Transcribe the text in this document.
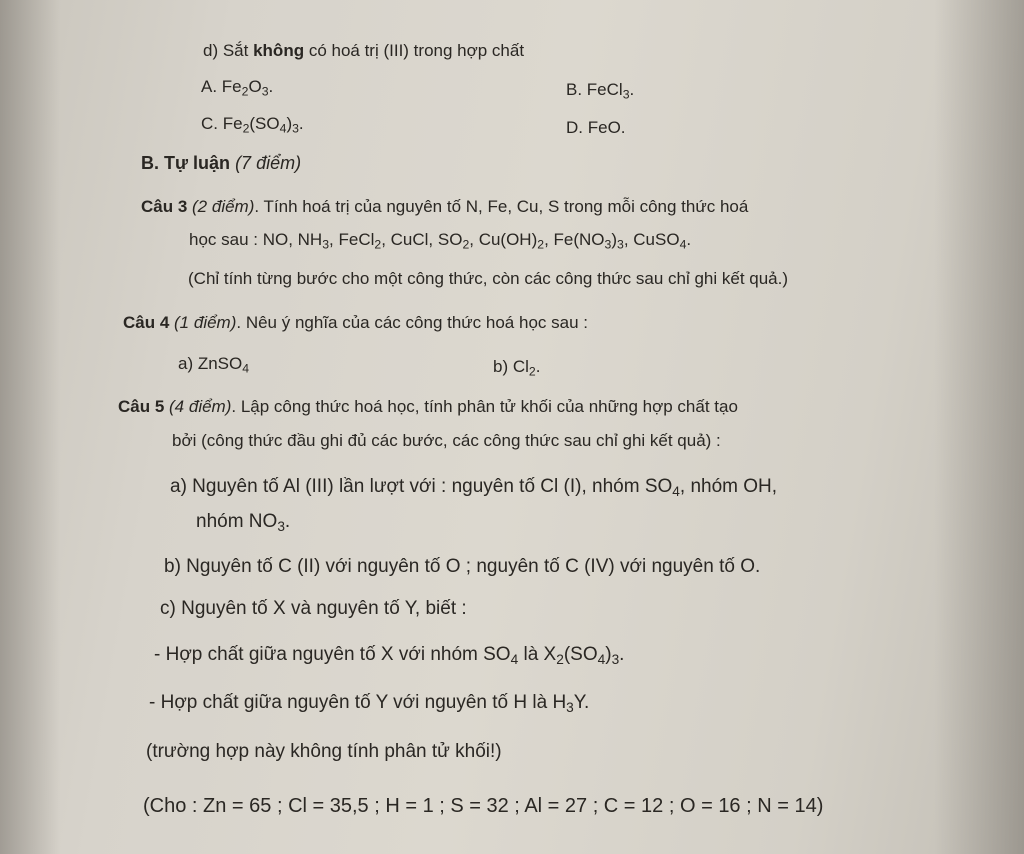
d) Sắt không có hoá trị (III) trong hợp chất
A. $Fe_2O_3$.	B. FeCl$_3$.
C. $Fe_2(SO_4)_3$.	D. FeO.
B. Tự luận (7 điểm)
Câu 3 (2 điểm). Tính hoá trị của nguyên tố N, Fe, Cu, S trong mỗi công thức hoá
học sau : NO, $NH_3$, FeCl$_2$, CuCl, $SO_2$, $Cu(OH)_2$, $Fe(NO_3)_3$, CuSO$_4$.
(Chỉ tính từng bước cho một công thức, còn các công thức sau chỉ ghi kết quả.)
Câu 4 (1 điểm). Nêu ý nghĩa của các công thức hoá học sau :
a) ZnSO$_4$	b) $Cl_2$.
Câu 5 (4 điểm). Lập công thức hoá học, tính phân tử khối của những hợp chất tạo
bởi (công thức đầu ghi đủ các bước, các công thức sau chỉ ghi kết quả) :
a) Nguyên tố Al (III) lần lượt với : nguyên tố Cl (I), nhóm $SO_4$, nhóm OH,
nhóm $NO_3$.
b) Nguyên tố C (II) với nguyên tố O ; nguyên tố C (IV) với nguyên tố O.
c) Nguyên tố X và nguyên tố Y, biết :
- Hợp chất giữa nguyên tố X với nhóm $SO_4$ là $X_2(SO_4)_3$.
- Hợp chất giữa nguyên tố Y với nguyên tố H là $H_3Y$.
(trường hợp này không tính phân tử khối!)
(Cho : Zn = 65 ; Cl = 35,5 ; H = 1 ; S = 32 ; Al = 27 ; C = 12 ; O = 16 ; N = 14)
